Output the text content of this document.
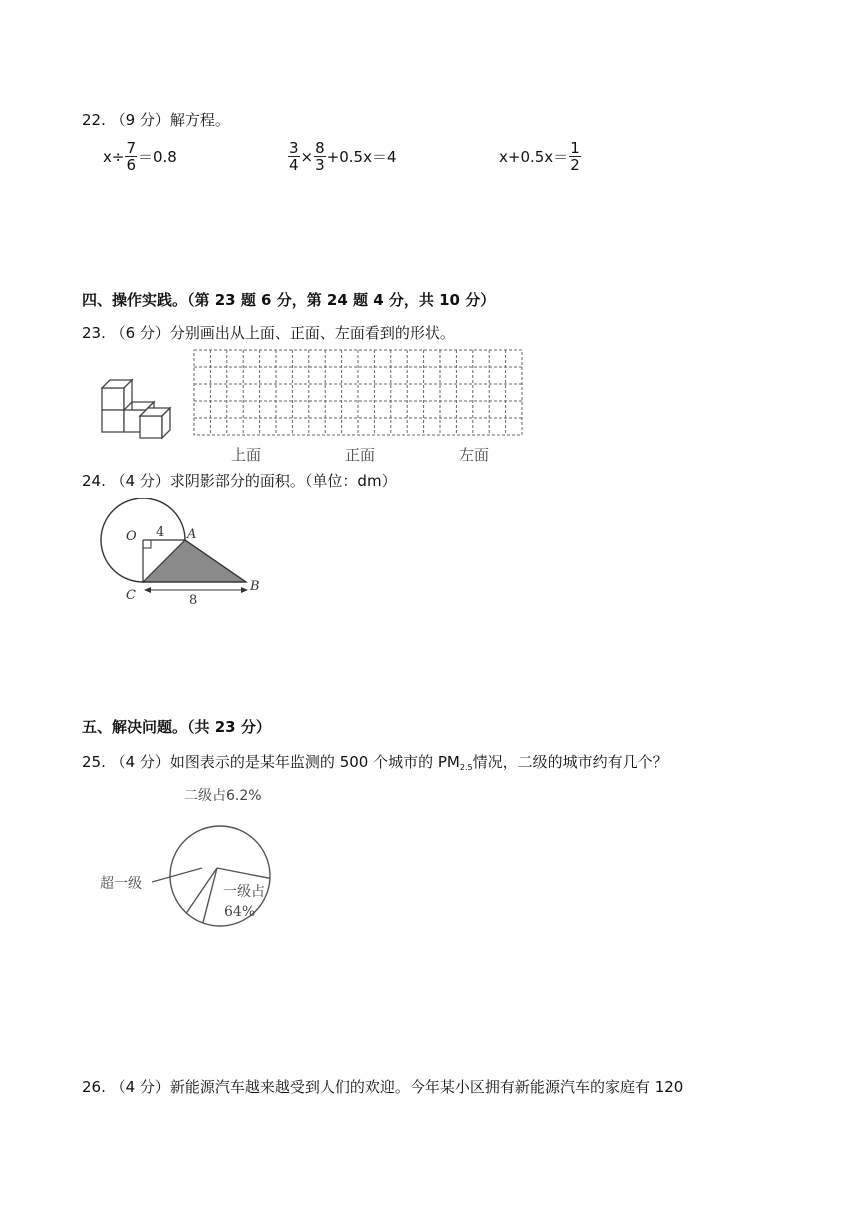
22. （9 分）解方程。
$x\div \frac{7}{6} =0.8$	$\frac{3}{4} \times \frac{8}{3} +0.5x=4$	$x+0.5x= \frac{1}{2}$
四、操作实践。（第 23 题 6 分，第 24 题 4 分，共 10 分）
23. （6 分）分别画出从上面、正面、左面看到的形状。
上面	正面	左面
24. （4 分）求阴影部分的面积。（单位：dm）
O 4 A
B
C	8
五、解决问题。（共 23 分）
25. （4 分）如图表示的是某年监测的 500 个城市的 $PM_{2.5}$情况，二级的城市约有几个？
二级占6.2%
超一级	一级占
64%
26. （4 分）新能源汽车越来越受到人们的欢迎。今年某小区拥有新能源汽车的家庭有 120
